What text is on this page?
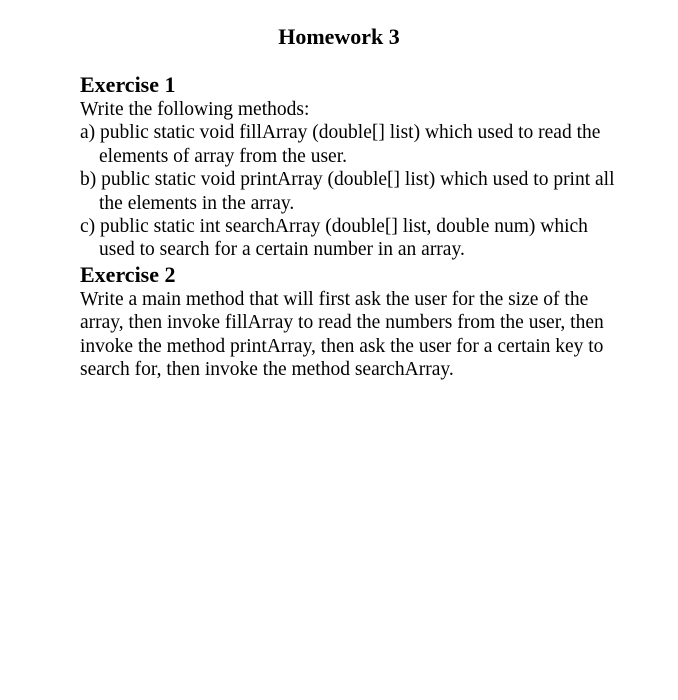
Homework 3
Exercise 1

Write the following methods:

a) public static void fillArray (double[] list) which used to read the elements of array from the user.
b) public static void printArray (double[] list) which used to print all the elements in the array.
c) public static int searchArray (double[] list, double num) which used to search for a certain number in an array.
Exercise 2

Write a main method that will first ask the user for the size of the array, then invoke fillArray to read the numbers from the user, then invoke the method printArray, then ask the user for a certain key to search for, then invoke the method searchArray.
